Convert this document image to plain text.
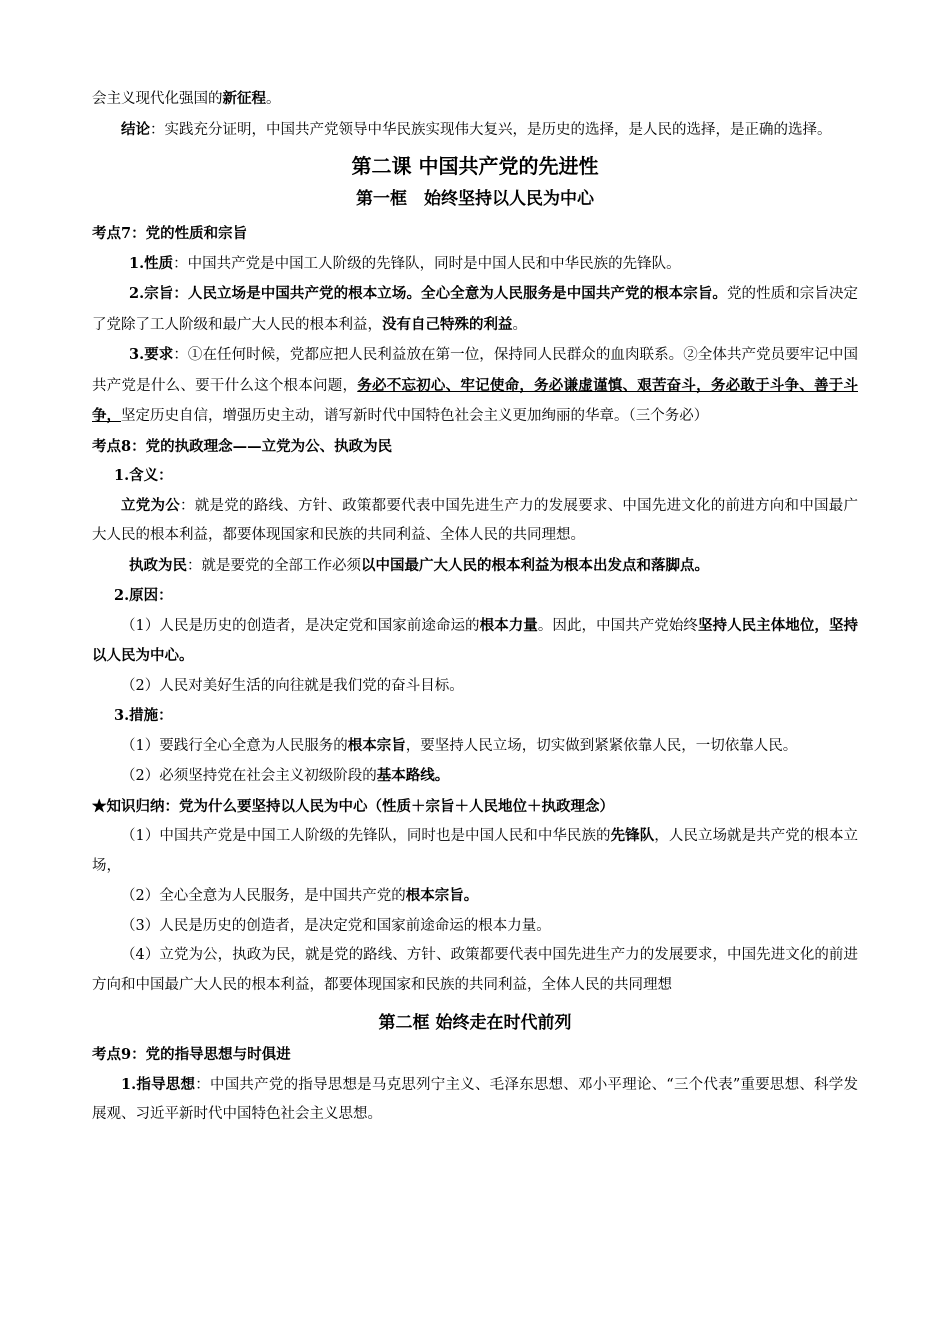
会主义现代化强国的新征程。

结论：实践充分证明，中国共产党领导中华民族实现伟大复兴，是历史的选择，是人民的选择，是正确的选择。

第二课 中国共产党的先进性
第一框　始终坚持以人民为中心
考点7：党的性质和宗旨

1.性质：中国共产党是中国工人阶级的先锋队，同时是中国人民和中华民族的先锋队。

2.宗旨：人民立场是中国共产党的根本立场。全心全意为人民服务是中国共产党的根本宗旨。党的性质和宗旨决定了党除了工人阶级和最广大人民的根本利益，没有自己特殊的利益。

3.要求：①在任何时候，党都应把人民利益放在第一位，保持同人民群众的血肉联系。②全体共产党员要牢记中国共产党是什么、要干什么这个根本问题，务必不忘初心、牢记使命，务必谦虚谨慎、艰苦奋斗，务必敢于斗争、善于斗争，坚定历史自信，增强历史主动，谱写新时代中国特色社会主义更加绚丽的华章。（三个务必）

考点8：党的执政理念——立党为公、执政为民

1.含义：

立党为公：就是党的路线、方针、政策都要代表中国先进生产力的发展要求、中国先进文化的前进方向和中国最广大人民的根本利益，都要体现国家和民族的共同利益、全体人民的共同理想。

执政为民：就是要党的全部工作必须以中国最广大人民的根本利益为根本出发点和落脚点。

2.原因：

（1）人民是历史的创造者，是决定党和国家前途命运的根本力量。因此，中国共产党始终坚持人民主体地位，坚持以人民为中心。

（2）人民对美好生活的向往就是我们党的奋斗目标。

3.措施：

（1）要践行全心全意为人民服务的根本宗旨，要坚持人民立场，切实做到紧紧依靠人民，一切依靠人民。

（2）必须坚持党在社会主义初级阶段的基本路线。

★知识归纳：党为什么要坚持以人民为中心（性质＋宗旨＋人民地位＋执政理念）

（1）中国共产党是中国工人阶级的先锋队，同时也是中国人民和中华民族的先锋队，人民立场就是共产党的根本立场，

（2）全心全意为人民服务，是中国共产党的根本宗旨。

（3）人民是历史的创造者，是决定党和国家前途命运的根本力量。

（4）立党为公，执政为民，就是党的路线、方针、政策都要代表中国先进生产力的发展要求，中国先进文化的前进方向和中国最广大人民的根本利益，都要体现国家和民族的共同利益，全体人民的共同理想

第二框 始终走在时代前列
考点9：党的指导思想与时俱进

1.指导思想：中国共产党的指导思想是马克思列宁主义、毛泽东思想、邓小平理论、“三个代表”重要思想、科学发展观、习近平新时代中国特色社会主义思想。
